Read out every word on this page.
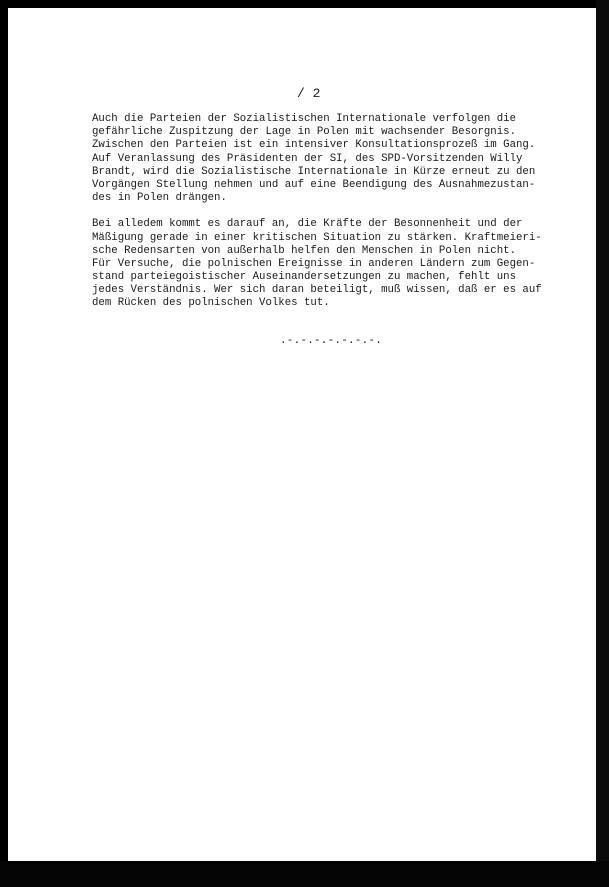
/ 2

Auch die Parteien der Sozialistischen Internationale verfolgen die
gefährliche Zuspitzung der Lage in Polen mit wachsender Besorgnis.
Zwischen den Parteien ist ein intensiver Konsultationsprozeß im Gang.
Auf Veranlassung des Präsidenten der SI, des SPD-Vorsitzenden Willy
Brandt, wird die Sozialistische Internationale in Kürze erneut zu den
Vorgängen Stellung nehmen und auf eine Beendigung des Ausnahmezustan-
des in Polen drängen.

Bei alledem kommt es darauf an, die Kräfte der Besonnenheit und der
Mäßigung gerade in einer kritischen Situation zu stärken. Kraftmeieri-
sche Redensarten von außerhalb helfen den Menschen in Polen nicht.
Für Versuche, die polnischen Ereignisse in anderen Ländern zum Gegen-
stand parteiegoistischer Auseinandersetzungen zu machen, fehlt uns
jedes Verständnis. Wer sich daran beteiligt, muß wissen, daß er es auf
dem Rücken des polnischen Volkes tut.

.-.-.-.-.-.-.-.
